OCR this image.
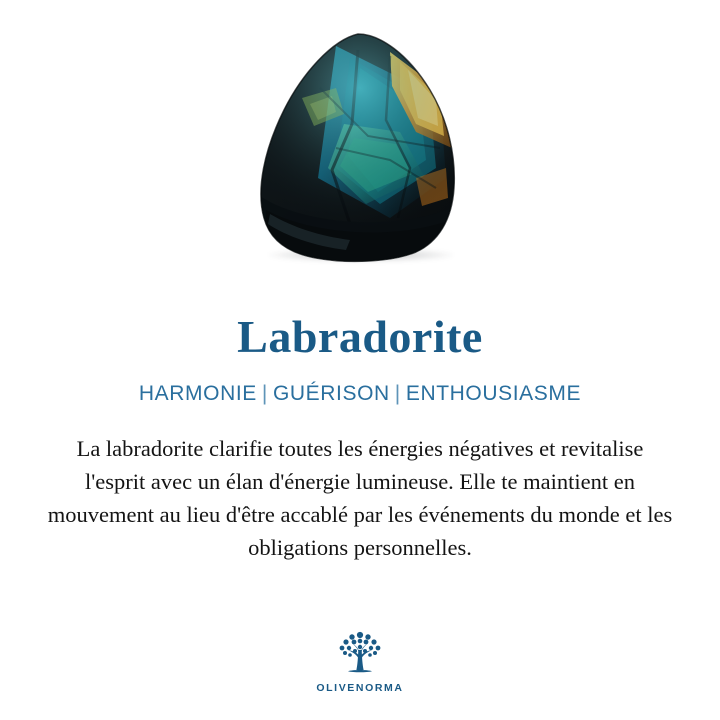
Labradorite
HARMONIE | GUÉRISON | ENTHOUSIASME
La labradorite clarifie toutes les énergies négatives et revitalise l'esprit avec un élan d'énergie lumineuse. Elle te maintient en mouvement au lieu d'être accablé par les événements du monde et les obligations personnelles.
OLIVENORMA
